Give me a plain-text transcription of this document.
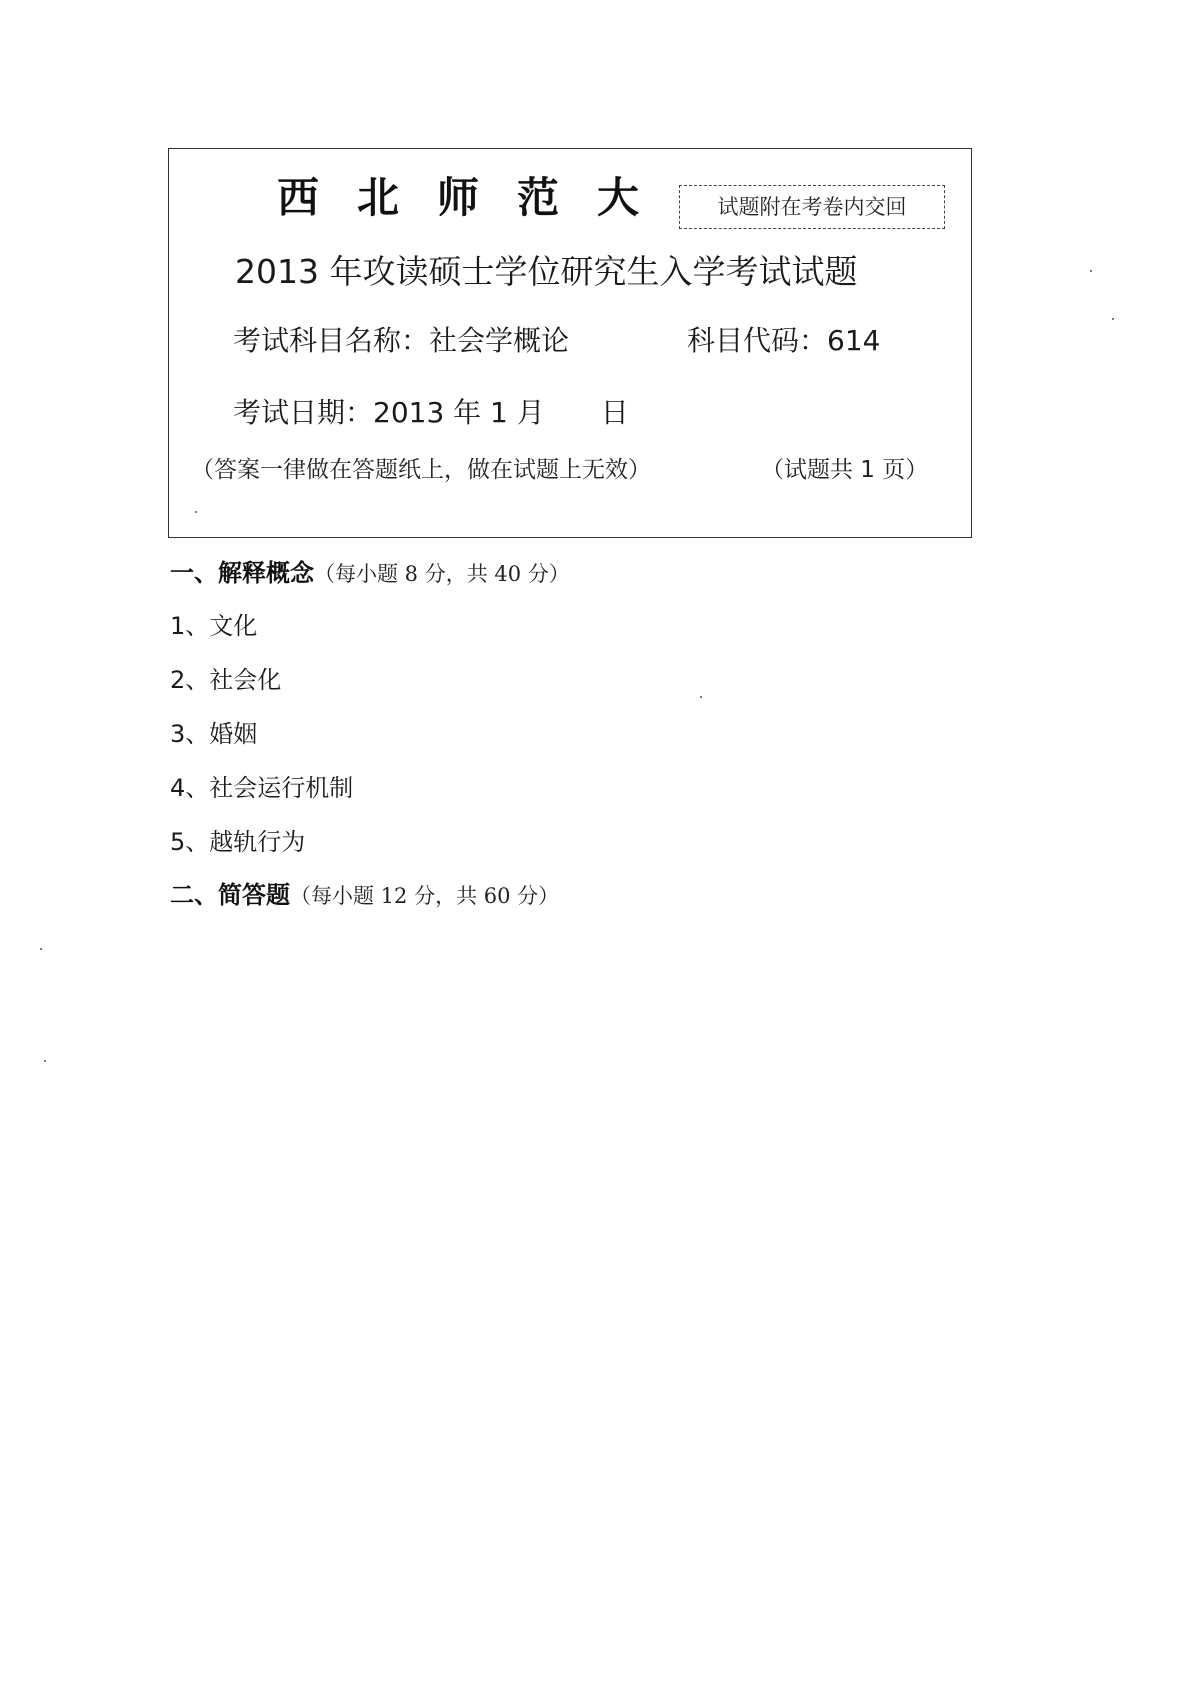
西北师范大	试题附在考卷内交回
2013 年攻读硕士学位研究生入学考试试题
考试科目名称：社会学概论	科目代码：614
考试日期：2013 年 1 月　　日
（答案一律做在答题纸上，做在试题上无效）	（试题共 1 页）
一、解释概念（每小题 8 分，共 40 分）
1、文化
2、社会化
3、婚姻
4、社会运行机制
5、越轨行为
二、简答题（每小题 12 分，共 60 分）
